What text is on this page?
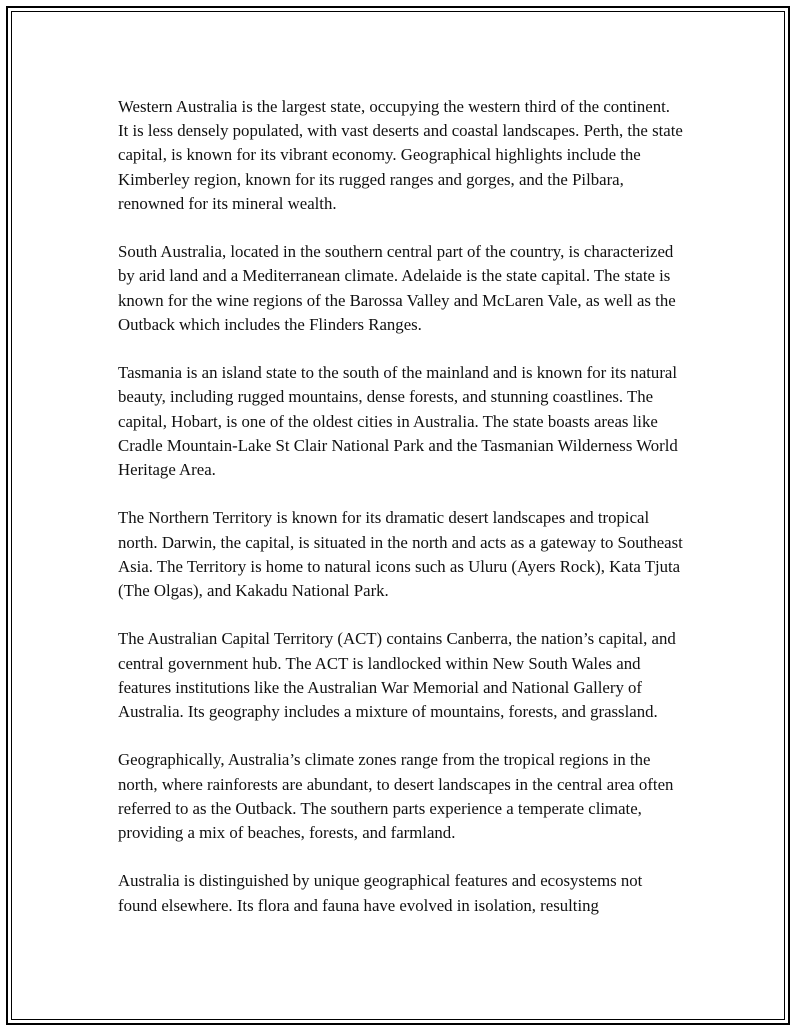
Western Australia is the largest state, occupying the western third of the continent. It is less densely populated, with vast deserts and coastal landscapes. Perth, the state capital, is known for its vibrant economy. Geographical highlights include the Kimberley region, known for its rugged ranges and gorges, and the Pilbara, renowned for its mineral wealth.

South Australia, located in the southern central part of the country, is characterized by arid land and a Mediterranean climate. Adelaide is the state capital. The state is known for the wine regions of the Barossa Valley and McLaren Vale, as well as the Outback which includes the Flinders Ranges.

Tasmania is an island state to the south of the mainland and is known for its natural beauty, including rugged mountains, dense forests, and stunning coastlines. The capital, Hobart, is one of the oldest cities in Australia. The state boasts areas like Cradle Mountain-Lake St Clair National Park and the Tasmanian Wilderness World Heritage Area.

The Northern Territory is known for its dramatic desert landscapes and tropical north. Darwin, the capital, is situated in the north and acts as a gateway to Southeast Asia. The Territory is home to natural icons such as Uluru (Ayers Rock), Kata Tjuta (The Olgas), and Kakadu National Park.

The Australian Capital Territory (ACT) contains Canberra, the nation’s capital, and central government hub. The ACT is landlocked within New South Wales and features institutions like the Australian War Memorial and National Gallery of Australia. Its geography includes a mixture of mountains, forests, and grassland.

Geographically, Australia’s climate zones range from the tropical regions in the north, where rainforests are abundant, to desert landscapes in the central area often referred to as the Outback. The southern parts experience a temperate climate, providing a mix of beaches, forests, and farmland.

Australia is distinguished by unique geographical features and ecosystems not found elsewhere. Its flora and fauna have evolved in isolation, resulting
